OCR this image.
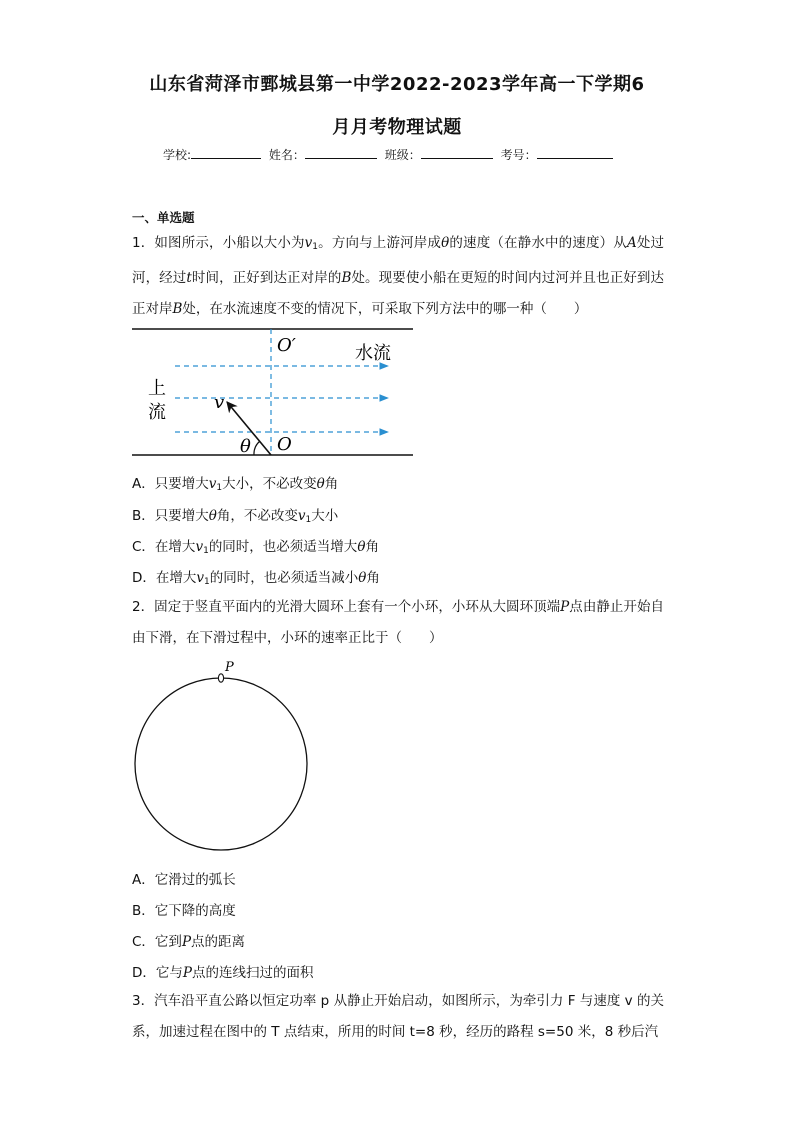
山东省菏泽市鄄城县第一中学2022-2023学年高一下学期6
月月考物理试题
学校:	姓名：	班级：	考号：
一、单选题
1．如图所示，小船以大小为$v_1$。方向与上游河岸成θ的速度（在静水中的速度）从A处过河，经过t时间，正好到达正对岸的B处。现要使小船在更短的时间内过河并且也正好到达正对岸B处，在水流速度不变的情况下，可采取下列方法中的哪一种（　　）
O′	水流
上
流	v
θ O
A．只要增大$v_1$大小，不必改变θ角
B．只要增大θ角，不必改变$v_1$大小
C．在增大$v_1$的同时，也必须适当增大θ角
D．在增大$v_1$的同时，也必须适当减小θ角
2．固定于竖直平面内的光滑大圆环上套有一个小环，小环从大圆环顶端P点由静止开始自由下滑，在下滑过程中，小环的速率正比于（　　）
P
A．它滑过的弧长
B．它下降的高度
C．它到P点的距离
D．它与P点的连线扫过的面积
3．汽车沿平直公路以恒定功率 p 从静止开始启动，如图所示，为牵引力 F 与速度 v 的关系，加速过程在图中的 T 点结束，所用的时间 t=8 秒，经历的路程 s=50 米，8 秒后汽
